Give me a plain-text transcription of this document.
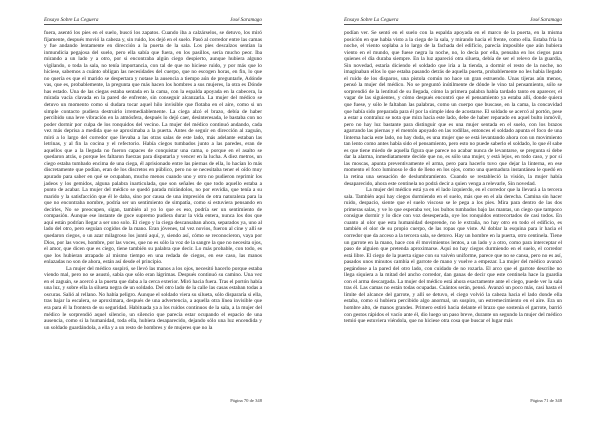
Ensayo Sobre La Ceguera	José Saramago

fuera, asentó los pies en el suelo, buscó los zapatos. Cuando iba a calzárselos, se detuvo, los miró fijamente, después movió la cabeza y, sin ruido, los dejó en el suelo. Pasó al corredor entre las camas y fue andando lentamente en dirección a la puerta de la sala. Los pies descalzos sentían la inmundicia pegajosa del suelo, pero ella sabía que fuera, en los pasillos, sería mucho peor. Iba mirando a un lado y a otro, por si encontraba algún ciego despierto, aunque hubiera alguno vigilando, o toda la sala, no tenía importancia, con tal de que no hiciese ruido, y por más que lo hiciese, sabemos a cuánto obligan las necesidades del cuerpo, que no escogen horas, en fin, lo que no quería es que el marido se despertara y notase la ausencia a tiempo aún de preguntarle, Adónde vas, que es, probablemente, la pregunta que más hacen los hombres a sus mujeres, la otra es Dónde has estado. Una de las ciegas estaba sentada en la cama, con la espalda apoyada en la cabecera, la mirada vacía clavada en la pared de enfrente, sin conseguir alcanzarla. La mujer del médico se detuvo un momento como si dudara tocar aquel hilo invisible que flotaba en el aire, como si un simple contacto pudiera destruirlo irremediablemente. La ciega alzó el brazo, debía de haber percibido una leve vibración en la atmósfera, después lo dejó caer, desinteresada, le bastaba con no poder dormir por culpa de los ronquidos del vecino. La mujer del médico continuó andando, cada vez más deprisa a medida que se aproximaba a la puerta. Antes de seguir en dirección al zaguán, miró a lo largo del corredor que llevaba a las otras salas de este lado, más adelante estaban las letrinas, y al fin la cocina y el refectorio. Había ciegos tumbados junto a las paredes, eran de aquellos que a la llegada no fueron capaces de conquistar una cama, o porque en el asalto se quedaron atrás, o porque les faltaron fuerzas para disputarla y vencer en la lucha. A diez metros, un ciego estaba tumbado encima de una ciega, él aprisionado entre las piernas de ella, lo hacían lo más discretamente que podían, eran de los discretos en público, pero no se necesitaba tener el oído muy apurado para saber en qué se ocupaban, mucho menos cuando uno y otro no pudieron reprimir los jadeos y los gemidos, alguna palabra inarticulada, que son señales de que todo aquello estaba a punto de acabar. La mujer del médico se quedó parada mirándolos, no por envidia, que tenía a su marido y la satisfacción que él le daba, sino por causa de una impresión de otra naturaleza para la que no encontraba nombre, podría ser un sentimiento de simpatía, como si estuviera pensando en decirles, No se preocupen, sigan, también al yo lo que es eso, podría ser un sentimiento de compasión. Aunque ese instante de goce supremo pudiera durar la vida entera, nunca los dos que aquí están podrían llegar a ser uno solo. El ciego y la ciega descansaban ahora, separados ya, uno al lado del otro, pero seguían cogidos de la mano. Eran jóvenes, tal vez novios, fueron al cine y allí se quedaron ciegos, o un azar milagroso los juntó aquí, y, siendo así, cómo se reconocieron, vaya por Dios, por las voces, hombre, por las voces, que no es sólo la voz de la sangre la que no necesita ojos, el amor, que dicen que es ciego, tiene también su palabra que decir. Lo más probable, con todo, es que los hubieran atrapado al mismo tiempo en una redada de ciegos, en ese caso, las manos enlazadas no son de ahora, están así desde el principio.

La mujer del médico suspiró, se llevó las manos a los ojos, necesitó hacerlo porque estaba viendo mal, pero no se asustó, sabía que sólo eran lágrimas. Después continuó su camino. Una vez en el zaguán, se acercó a la puerta que daba a la cerca exterior. Miró hacia fuera. Tras el portón había una luz, y sobre ella la silueta negra de un soldado. Del otro lado de la calle las casas estaban todas a oscuras. Salió al rellano. No había peligro. Aunque el soldado viera su silueta, sólo dispararía si ella, tras bajar la escalera, se aproximara, después de una advertencia, a aquella otra línea invisible que era para él la frontera de su seguridad. Habituada ya a los ruidos continuos de la sala, a la mujer del médico le sorprendió aquel silencio, un silencio que parecía estar ocupando el espacio de una ausencia, como si la humanidad, toda ella, hubiera desaparecido, dejando sólo una luz encendida y un soldado guardándola, a ella y a un resto de hombres y de mujeres que no la

Página 70 de 348
Ensayo Sobre La Ceguera	José Saramago

podían ver. Se sentó en el suelo con la espalda apoyada en el marco de la puerta, en la misma posición en que había visto a la ciega de la sala, y mirando hacia el frente, como ella. Estaba fría la noche, el viento soplaba a lo largo de la fachada del edificio, parecía imposible que aún hubiera viento en el mundo, que fuese negra la noche, no, lo decía por ella, pensaba en los ciegos para quienes el día duraba siempre. En la luz apareció otra silueta, debía de ser el relevo de la guardia, Sin novedad, estaría diciendo el soldado que iría a la tienda, a dormir el resto de la noche, no imaginaban ellos lo que estaba pasando detrás de aquella puerta, probablemente no les había llegado el ruido de los disparos, una pistola común no hace un gran estruendo. Unas tijeras aún menos, pensó la mujer del médico. No se preguntó inútilmente de dónde le vino tal pensamiento, sólo se sorprendió de la lentitud de su llegada, cómo la primera palabra había tardado tanto en aparecer, el vagar de las siguientes, y cómo después encontró que el pensamiento ya estaba allí, donde quiera que fuese, y sólo le faltaban las palabras, como un cuerpo que buscase, en la cama, la concavidad que había sido preparada para él por la simple idea de acostarse. El soldado se acercó al portón, pese a estar a contraluz se nota que mira hacia este lado, debe de haber reparado en aquel bulto inmóvil, pero no hay luz bastante para distinguir que es una mujer sentada en el suelo, con los brazos agarrando las piernas y el mentón apoyado en las rodillas, entonces el soldado apunta el foco de una linterna hacia este lado, no hay duda, es una mujer que se está levantando ahora con un movimiento tan lento como antes había sido el pensamiento, pero esto no puede saberlo el soldado, lo que él sabe es que tiene miedo de aquella figura que parece no acabar nunca de levantarse, se pregunta si debe dar la alarma, inmediatamente decide que no, es sólo una mujer, y está lejos, en todo caso, y por si las moscas, apunta preventivamente el arma, pero para hacerlo tuvo que dejar la linterna, en ese momento el foco luminoso le dio de lleno en los ojos, como una quemadura instantánea le quedó en la retina una sensación de deslumbramiento. Cuando se restableció la visión, la mujer había desaparecido, ahora este centinela no podrá decir a quien venga a relevarle, Sin novedad.

La mujer del médico está ya en el lado izquierdo, en el corredor que la llevará a la tercera sala. También aquí hay ciegos durmiendo en el suelo, más que en el ala derecha. Camina sin hacer ruido, despacio, siente que el suelo viscoso se le pega a los pies. Mira para dentro de las dos primeras salas, y ve lo que esperaba ver, los bultos tumbados bajo las mantas, un ciego que tampoco consigue dormir y lo dice con voz desesperada, oye los ronquidos entrecortados de casi todos. En cuanto al olor que esta humanidad desprende, no le extraña, no hay otro en todo el edificio, es también el olor de su propio cuerpo, de las ropas que viste. Al doblar la esquina para ir hacia el corredor que da acceso a la tercera sala, se detuvo. Hay un hombre en la puerta, otro centinela. Tiene un garrote en la mano, hace con él movimientos lentos, a un lado y a otro, como para interceptar el paso de alguien que pretenda aproximarse. Aquí no hay ciegos durmiendo en el suelo, el corredor está libre. El ciego de la puerta sigue con su vaivén uniforme, parece que no se cansa, pero no es así, pasados unos minutos cambia el garrote de mano y vuelve a empezar. La mujer del médico avanzó pegándose a la pared del otro lado, con cuidado de no rozarla. El arco que el garrote describe no llega siquiera a la mitad del ancho corredor, dan ganas de decir que este centinela hace la guardia con el arma descargada. La mujer del médico está ahora exactamente ante el ciego, puede ver la sala tras él. Las camas no están todas ocupadas. Cuántos serán, pensó. Avanzó un poco más, casi hasta el límite del alcance del garrote, y allí se detuvo, el ciego volvió la cabeza hacia el lado donde ella estaba, como si hubiera percibido algo anormal, un suspiro, un estremecimiento en el aire. Era un hombre alto, de manos grandes. Primero estiró hacia delante el brazo que sostenía el garrote, barrió con gestos rápidos el vacío ante él, dio luego un paso breve, durante un segundo la mujer del médico temió que estuviera viéndola, que no hiciese otra cosa que buscar el lugar más

Página 71 de 348
